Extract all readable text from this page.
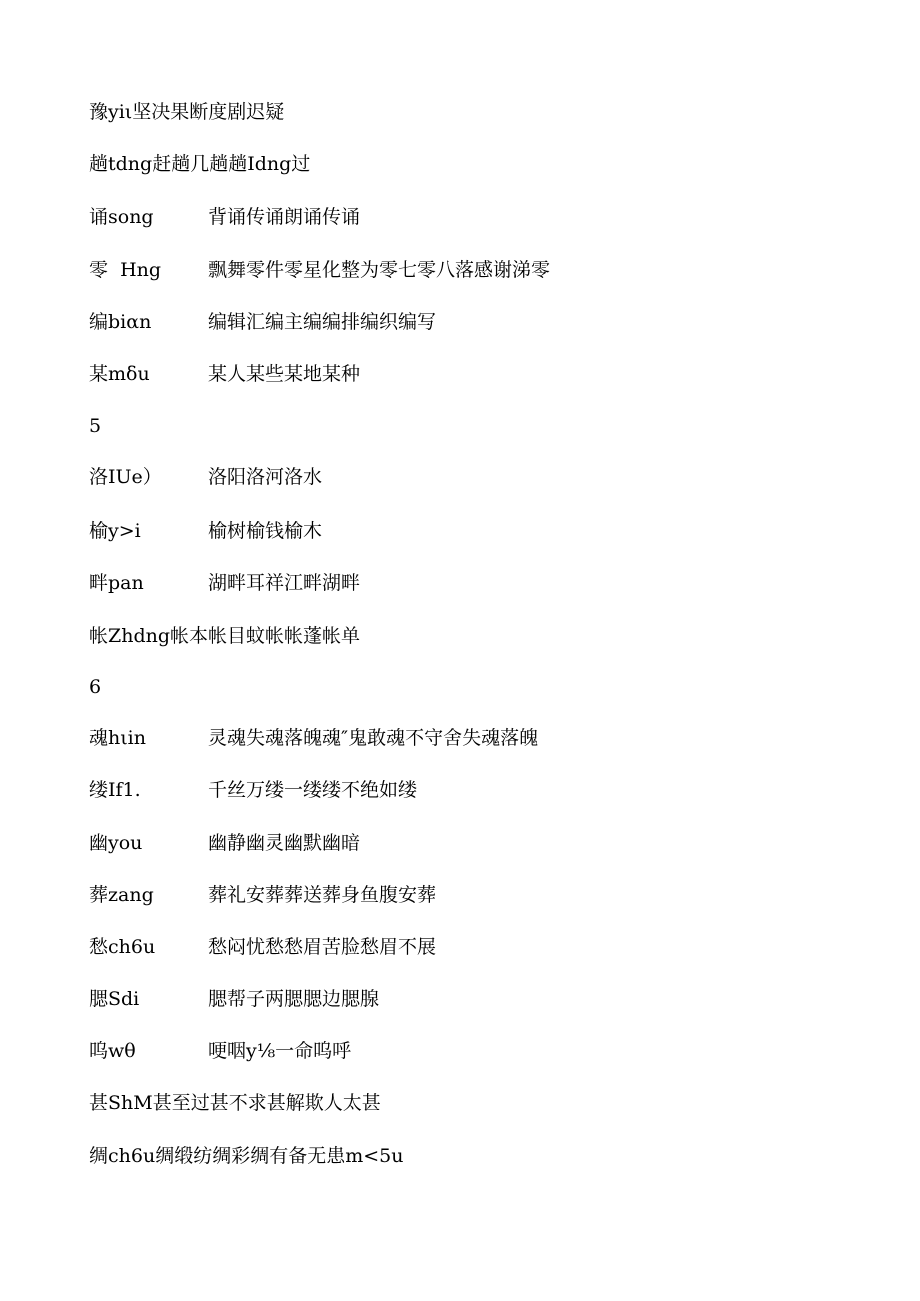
豫yiι坚决果断度剧迟疑
趟tdng赶趟几趟趟Idng过
诵song	背诵传诵朗诵传诵
零  Hng 飘舞零件零星化整为零七零八落感谢涕零
编biαn	编辑汇编主编编排编织编写
某mδu	某人某些某地某种
5
洛IUe） 洛阳洛河洛水
榆y>i	榆树榆钱榆木
畔pan	湖畔耳祥江畔湖畔
帐Zhdng帐本帐目蚊帐帐蓬帐单
6
魂hιin	灵魂失魂落魄魂″鬼敢魂不守舍失魂落魄
缕If1.	千丝万缕一缕缕不绝如缕
幽you	幽静幽灵幽默幽暗
葬zang	葬礼安葬葬送葬身鱼腹安葬
愁ch6u	愁闷忧愁愁眉苦脸愁眉不展
腮Sdi	腮帮子两腮腮边腮腺
呜wθ	哽咽y⅛一命呜呼
甚ShM甚至过甚不求甚解欺人太甚
绸ch6u绸缎纺绸彩绸有备无患m<5u
